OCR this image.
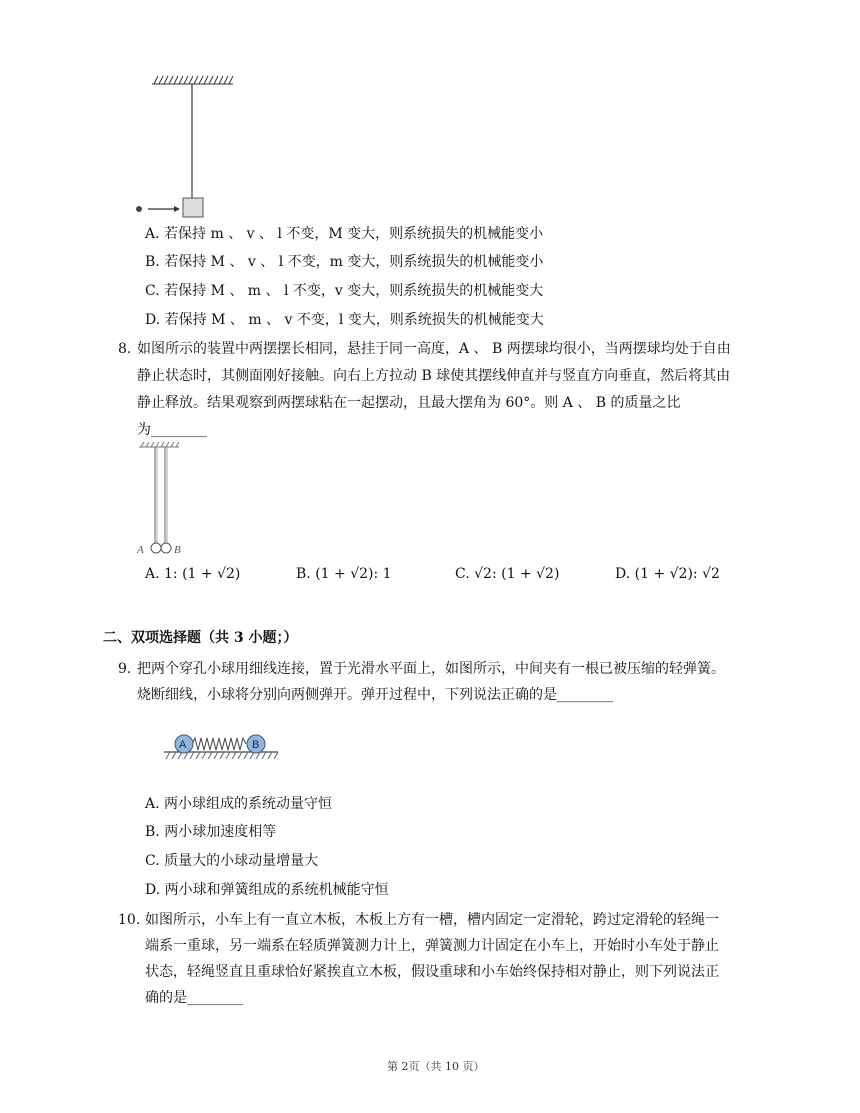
A. 若保持 m 、 v 、 l 不变，M 变大，则系统损失的机械能变小
B. 若保持 M 、 v 、 l 不变，m 变大，则系统损失的机械能变小
C. 若保持 M 、 m 、 l 不变，v 变大，则系统损失的机械能变大
D. 若保持 M 、 m 、 v 不变，l 变大，则系统损失的机械能变大
8. 如图所示的装置中两摆摆长相同，悬挂于同一高度，A 、 B 两摆球均很小，当两摆球均处于自由
静止状态时，其侧面刚好接触。向右上方拉动 B 球使其摆线伸直并与竖直方向垂直，然后将其由
静止释放。结果观察到两摆球粘在一起摆动，且最大摆角为 60°。则 A 、 B 的质量之比
为________
A	B
A. 1: (1 + √2)	B. (1 + √2): 1	C. √2: (1 + √2)	D. (1 + √2): √2
二、双项选择题（共 3 小题；）
9. 把两个穿孔小球用细线连接，置于光滑水平面上，如图所示，中间夹有一根已被压缩的轻弹簧。
烧断细线，小球将分别向两侧弹开。弹开过程中，下列说法正确的是________
A	B
A. 两小球组成的系统动量守恒
B. 两小球加速度相等
C. 质量大的小球动量增量大
D. 两小球和弹簧组成的系统机械能守恒
10. 如图所示，小车上有一直立木板，木板上方有一槽，槽内固定一定滑轮，跨过定滑轮的轻绳一
端系一重球，另一端系在轻质弹簧测力计上，弹簧测力计固定在小车上，开始时小车处于静止
状态，轻绳竖直且重球恰好紧挨直立木板，假设重球和小车始终保持相对静止，则下列说法正
确的是________
第 2页（共 10 页）
